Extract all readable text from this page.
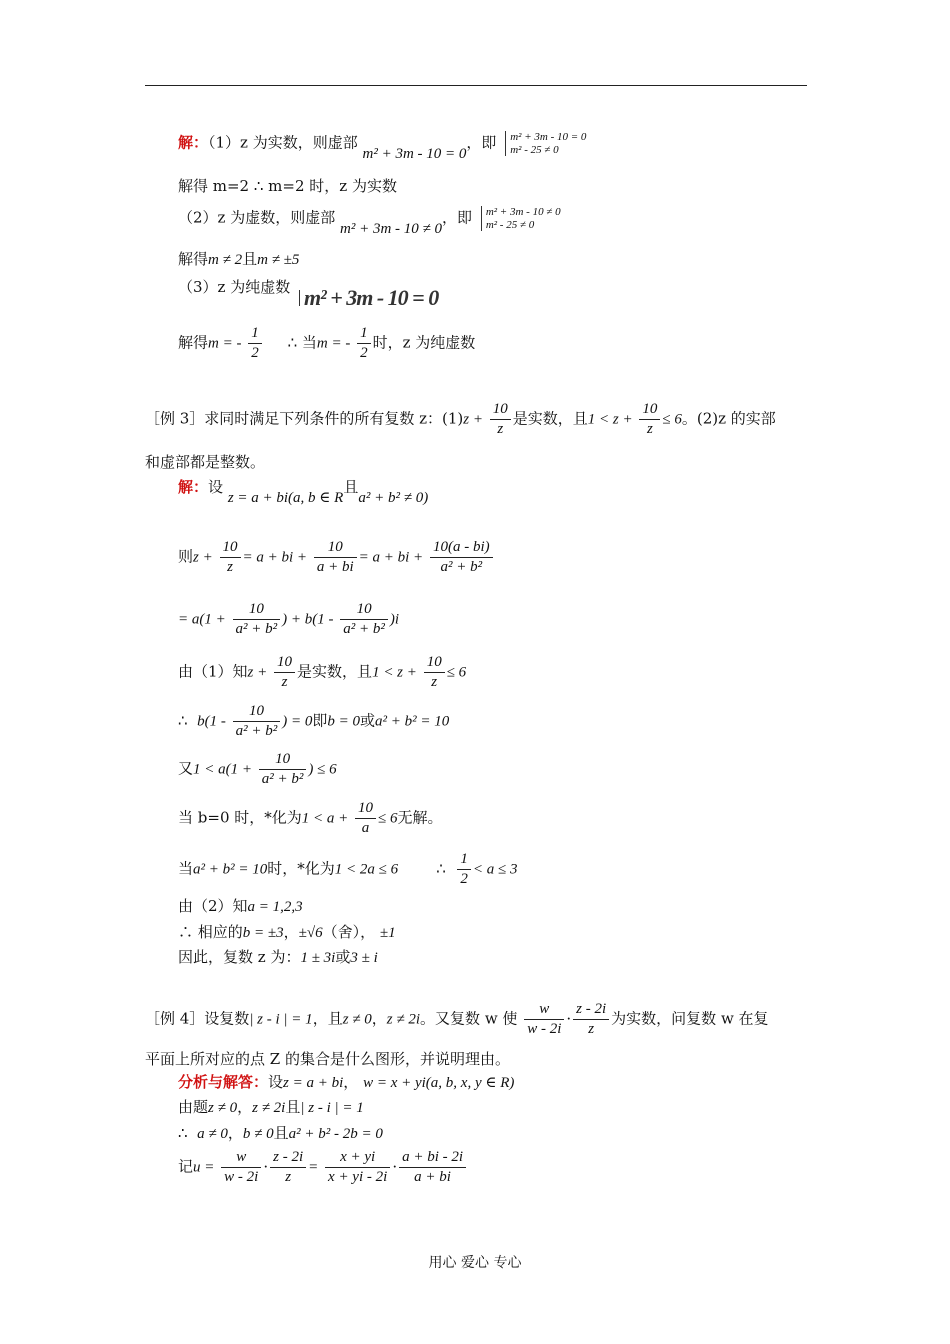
解：（1）z 为实数，则虚部 m² + 3m - 10 = 0，即 m² + 3m - 10 = 0
m² - 25 ≠ 0
解得 m=2 ∴ m=2 时，z 为实数
（2）z 为虚数，则虚部 m² + 3m - 10 ≠ 0，即 m² + 3m - 10 ≠ 0
m² - 25 ≠ 0
解得m ≠ 2且m ≠ ±5
（3）z 为纯虚数 m² + 3m - 10 = 0
解得m = - $\frac{1}{2}$ ∴ 当m = - $\frac{1}{2}$ 时，z 为纯虚数
［例 3］求同时满足下列条件的所有复数 z：$(1)z + \frac{10}{z}$ 是实数，且$1 < z + \frac{10}{z} \le 6$。(2)z 的实部
和虚部都是整数。
解：设 z = a + bi(a, b ∈ R且a² + b² ≠ 0)
则$z + \frac{10}{z} = a$ + bi + $\frac{10}{a + bi} = a$ + bi + $\frac{10(a - bi)}{\text{a² + b²}}$
= $a(1 + \frac{10}{\text{a² + b²}}$ ) + $b(1 - \frac{10}{\text{a² + b²}} )i$
由（1）知$z + \frac{10}{z}$ 是实数，且$1 < z + \frac{10}{z} \le 6$
∴ $b(1 - \frac{10}{\text{a² + b²}}$ ) = 0即b = 0或a² + b² = 10
又$1 < a(1 + \frac{10}{\text{a² + b²}}$ ) ≤ 6
当 b=0 时，*化为$1 < a + \frac{10}{a} \le 6$无解。
当a² + b² = 10时，*化为1 < 2a ≤ 6	∴ $\frac{1}{2} < a \le 3$
由（2）知a = 1,2,3
∴ 相应的b = ±3，±√6（舍）， ±1
因此，复数 z 为：1 ± 3i或3 ± i
［例 4］设复数| z - i | = 1，且z ≠ 0，z ≠ 2i。又复数 w 使 $\frac{w}{w - 2i} \cdot \frac{z - 2i}{z}$ 为实数，问复数 w 在复
平面上所对应的点 Z 的集合是什么图形，并说明理由。
分析与解答：设z = a + bi， w = x + yi(a, b, x, y ∈ R)
由题z ≠ 0，z ≠ 2i且| z - i | = 1
∴ a ≠ 0，b ≠ 0且a² + b² - 2b = 0
记$u = \frac{w}{w - 2i} \cdot \frac{z - 2i}{z} = \frac{x + yi}{x + yi - 2i} \cdot \frac{a + bi - 2i}{a + bi}$
用心 爱心 专心
